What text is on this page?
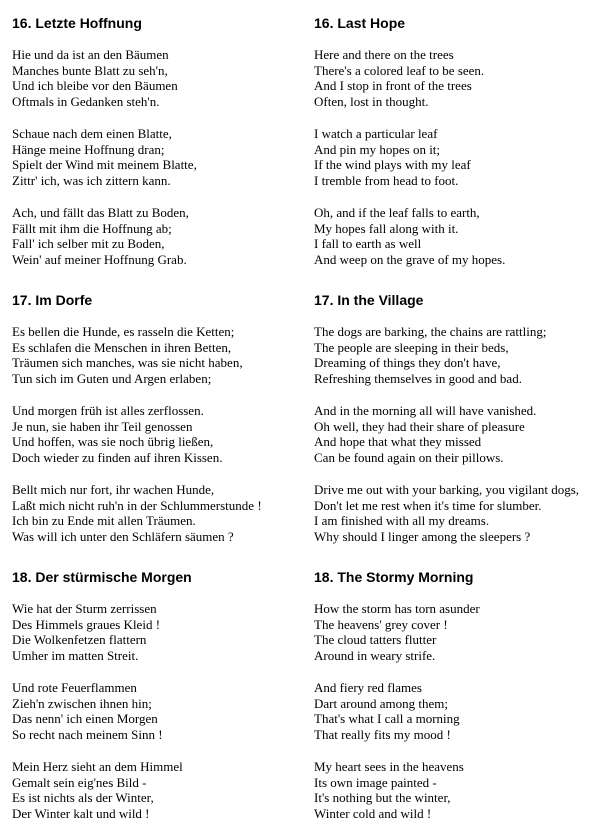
16. Letzte Hoffnung
Hie und da ist an den Bäumen
Manches bunte Blatt zu seh'n,
Und ich bleibe vor den Bäumen
Oftmals in Gedanken steh'n.
Schaue nach dem einen Blatte,
Hänge meine Hoffnung dran;
Spielt der Wind mit meinem Blatte,
Zittr' ich, was ich zittern kann.
Ach, und fällt das Blatt zu Boden,
Fällt mit ihm die Hoffnung ab;
Fall' ich selber mit zu Boden,
Wein' auf meiner Hoffnung Grab.
17. Im Dorfe
Es bellen die Hunde, es rasseln die Ketten;
Es schlafen die Menschen in ihren Betten,
Träumen sich manches, was sie nicht haben,
Tun sich im Guten und Argen erlaben;
Und morgen früh ist alles zerflossen.
Je nun, sie haben ihr Teil genossen
Und hoffen, was sie noch übrig ließen,
Doch wieder zu finden auf ihren Kissen.
Bellt mich nur fort, ihr wachen Hunde,
Laßt mich nicht ruh'n in der Schlummerstunde !
Ich bin zu Ende mit allen Träumen.
Was will ich unter den Schläfern säumen ?
18. Der stürmische Morgen
Wie hat der Sturm zerrissen
Des Himmels graues Kleid !
Die Wolkenfetzen flattern
Umher im matten Streit.
Und rote Feuerflammen
Zieh'n zwischen ihnen hin;
Das nenn' ich einen Morgen
So recht nach meinem Sinn !
Mein Herz sieht an dem Himmel
Gemalt sein eig'nes Bild -
Es ist nichts als der Winter,
Der Winter kalt und wild !
16. Last Hope
Here and there on the trees
There's a colored leaf to be seen.
And I stop in front of the trees
Often, lost in thought.
I watch a particular leaf
And pin my hopes on it;
If the wind plays with my leaf
I tremble from head to foot.
Oh, and if the leaf falls to earth,
My hopes fall along with it.
I fall to earth as well
And weep on the grave of my hopes.
17. In the Village
The dogs are barking, the chains are rattling;
The people are sleeping in their beds,
Dreaming of things they don't have,
Refreshing themselves in good and bad.
And in the morning all will have vanished.
Oh well, they had their share of pleasure
And hope that what they missed
Can be found again on their pillows.
Drive me out with your barking, you vigilant dogs,
Don't let me rest when it's time for slumber.
I am finished with all my dreams.
Why should I linger among the sleepers ?
18. The Stormy Morning
How the storm has torn asunder
The heavens' grey cover !
The cloud tatters flutter
Around in weary strife.
And fiery red flames
Dart around among them;
That's what I call a morning
That really fits my mood !
My heart sees in the heavens
Its own image painted -
It's nothing but the winter,
Winter cold and wild !
